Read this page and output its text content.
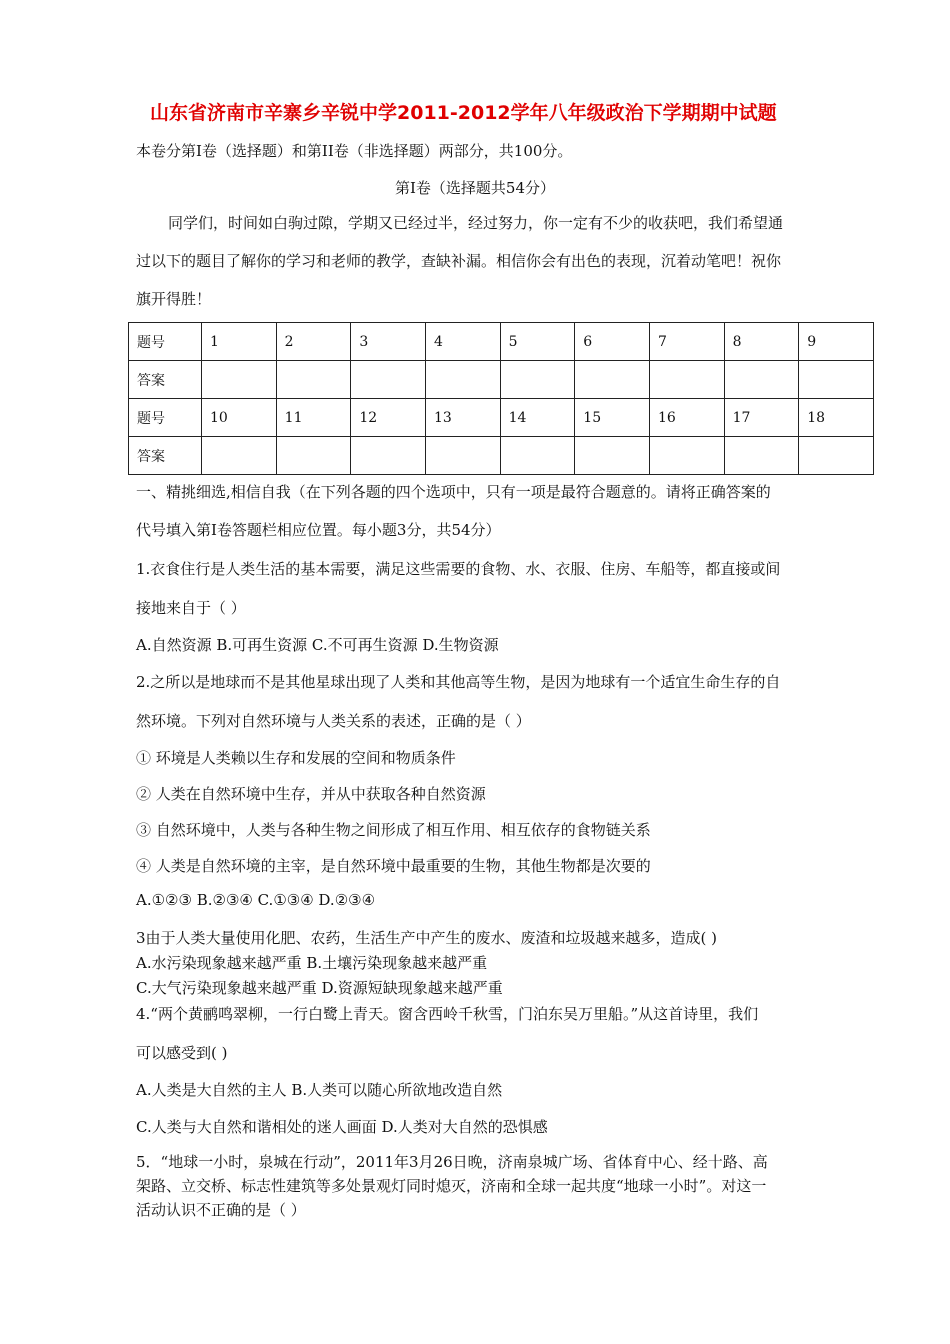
山东省济南市辛寨乡辛锐中学2011-2012学年八年级政治下学期期中试题
本卷分第Ⅰ卷（选择题）和第II卷（非选择题）两部分，共100分。
第Ⅰ卷（选择题共54分）
同学们，时间如白驹过隙，学期又已经过半，经过努力，你一定有不少的收获吧，我们希望通
过以下的题目了解你的学习和老师的教学，查缺补漏。相信你会有出色的表现，沉着动笔吧！祝你
旗开得胜！
题号	1	2	3	4	5	6	7	8	9
答案									
题号	10	11	12	13	14	15	16	17	18
答案									
一、精挑细选,相信自我（在下列各题的四个选项中，只有一项是最符合题意的。请将正确答案的
代号填入第Ⅰ卷答题栏相应位置。每小题3分，共54分）
1.衣食住行是人类生活的基本需要，满足这些需要的食物、水、衣服、住房、车船等，都直接或间
接地来自于（ ）
A.自然资源 B.可再生资源 C.不可再生资源 D.生物资源
2.之所以是地球而不是其他星球出现了人类和其他高等生物，是因为地球有一个适宜生命生存的自
然环境。下列对自然环境与人类关系的表述，正确的是（ ）
① 环境是人类赖以生存和发展的空间和物质条件
② 人类在自然环境中生存，并从中获取各种自然资源
③ 自然环境中，人类与各种生物之间形成了相互作用、相互依存的食物链关系
④ 人类是自然环境的主宰，是自然环境中最重要的生物，其他生物都是次要的
A.①②③ B.②③④ C.①③④ D.②③④
3由于人类大量使用化肥、农药，生活生产中产生的废水、废渣和垃圾越来越多，造成( )
A.水污染现象越来越严重 B.土壤污染现象越来越严重
C.大气污染现象越来越严重 D.资源短缺现象越来越严重
4.“两个黄鹂鸣翠柳，一行白鹭上青天。窗含西岭千秋雪，门泊东吴万里船。”从这首诗里，我们
可以感受到( )
A.人类是大自然的主人 B.人类可以随心所欲地改造自然
C.人类与大自然和谐相处的迷人画面 D.人类对大自然的恐惧感
5．“地球一小时，泉城在行动”，2011年3月26日晚，济南泉城广场、省体育中心、经十路、高
架路、立交桥、标志性建筑等多处景观灯同时熄灭，济南和全球一起共度“地球一小时”。对这一
活动认识不正确的是（ ）
